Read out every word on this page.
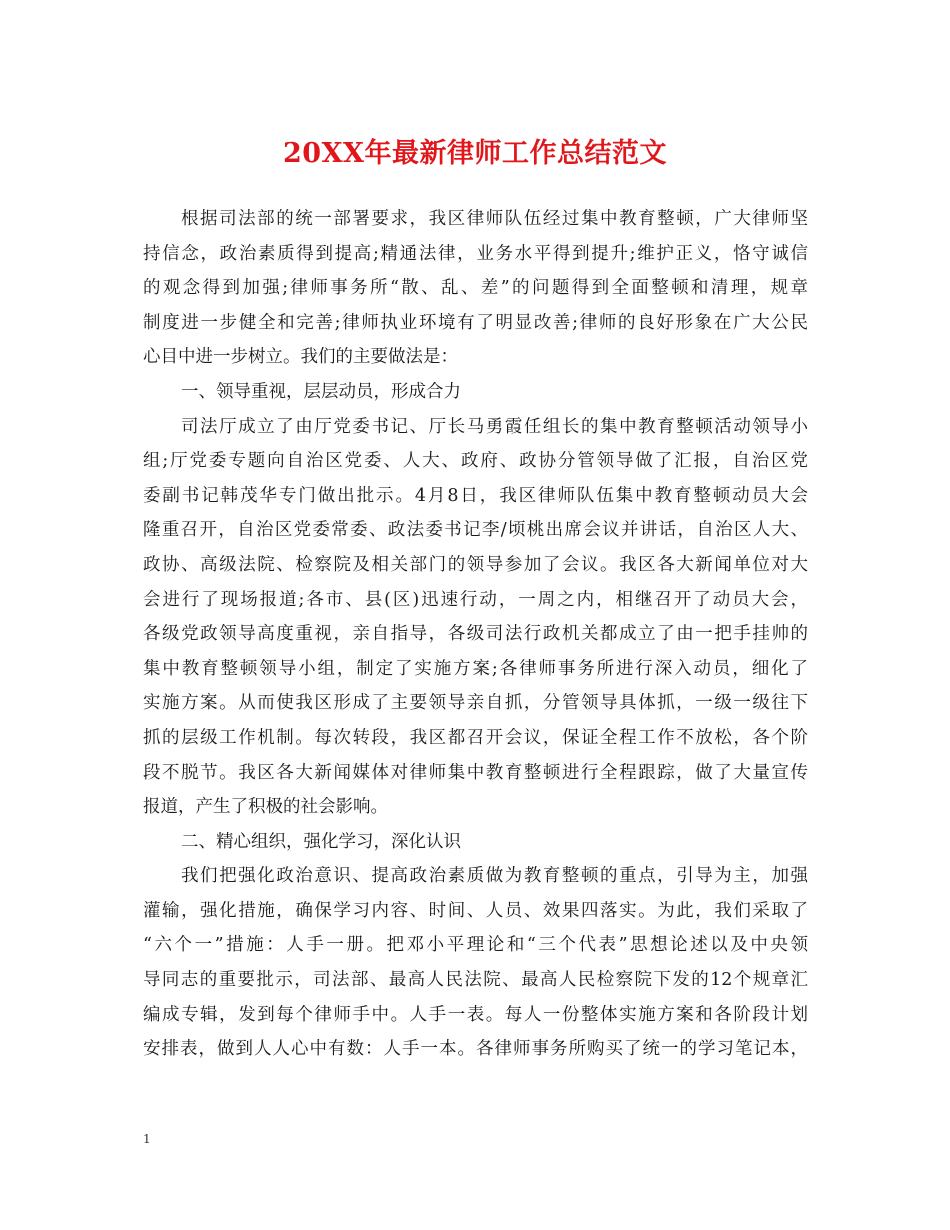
20XX年最新律师工作总结范文
根据司法部的统一部署要求，我区律师队伍经过集中教育整顿，广大律师坚
持信念，政治素质得到提高;精通法律，业务水平得到提升;维护正义，恪守诚信
的观念得到加强;律师事务所“散、乱、差”的问题得到全面整顿和清理，规章
制度进一步健全和完善;律师执业环境有了明显改善;律师的良好形象在广大公民
心目中进一步树立。我们的主要做法是：
一、领导重视，层层动员，形成合力
司法厅成立了由厅党委书记、厅长马勇霞任组长的集中教育整顿活动领导小
组;厅党委专题向自治区党委、人大、政府、政协分管领导做了汇报，自治区党
委副书记韩茂华专门做出批示。4月8日，我区律师队伍集中教育整顿动员大会
隆重召开，自治区党委常委、政法委书记李/顷桃出席会议并讲话，自治区人大、
政协、高级法院、检察院及相关部门的领导参加了会议。我区各大新闻单位对大
会进行了现场报道;各市、县(区)迅速行动，一周之内，相继召开了动员大会，
各级党政领导高度重视，亲自指导，各级司法行政机关都成立了由一把手挂帅的
集中教育整顿领导小组，制定了实施方案;各律师事务所进行深入动员，细化了
实施方案。从而使我区形成了主要领导亲自抓，分管领导具体抓，一级一级往下
抓的层级工作机制。每次转段，我区都召开会议，保证全程工作不放松，各个阶
段不脱节。我区各大新闻媒体对律师集中教育整顿进行全程跟踪，做了大量宣传
报道，产生了积极的社会影响。
二、精心组织，强化学习，深化认识
我们把强化政治意识、提高政治素质做为教育整顿的重点，引导为主，加强
灌输，强化措施，确保学习内容、时间、人员、效果四落实。为此，我们采取了
“六个一”措施：人手一册。把邓小平理论和“三个代表”思想论述以及中央领
导同志的重要批示，司法部、最高人民法院、最高人民检察院下发的12个规章汇
编成专辑，发到每个律师手中。人手一表。每人一份整体实施方案和各阶段计划
安排表，做到人人心中有数：人手一本。各律师事务所购买了统一的学习笔记本，
1
